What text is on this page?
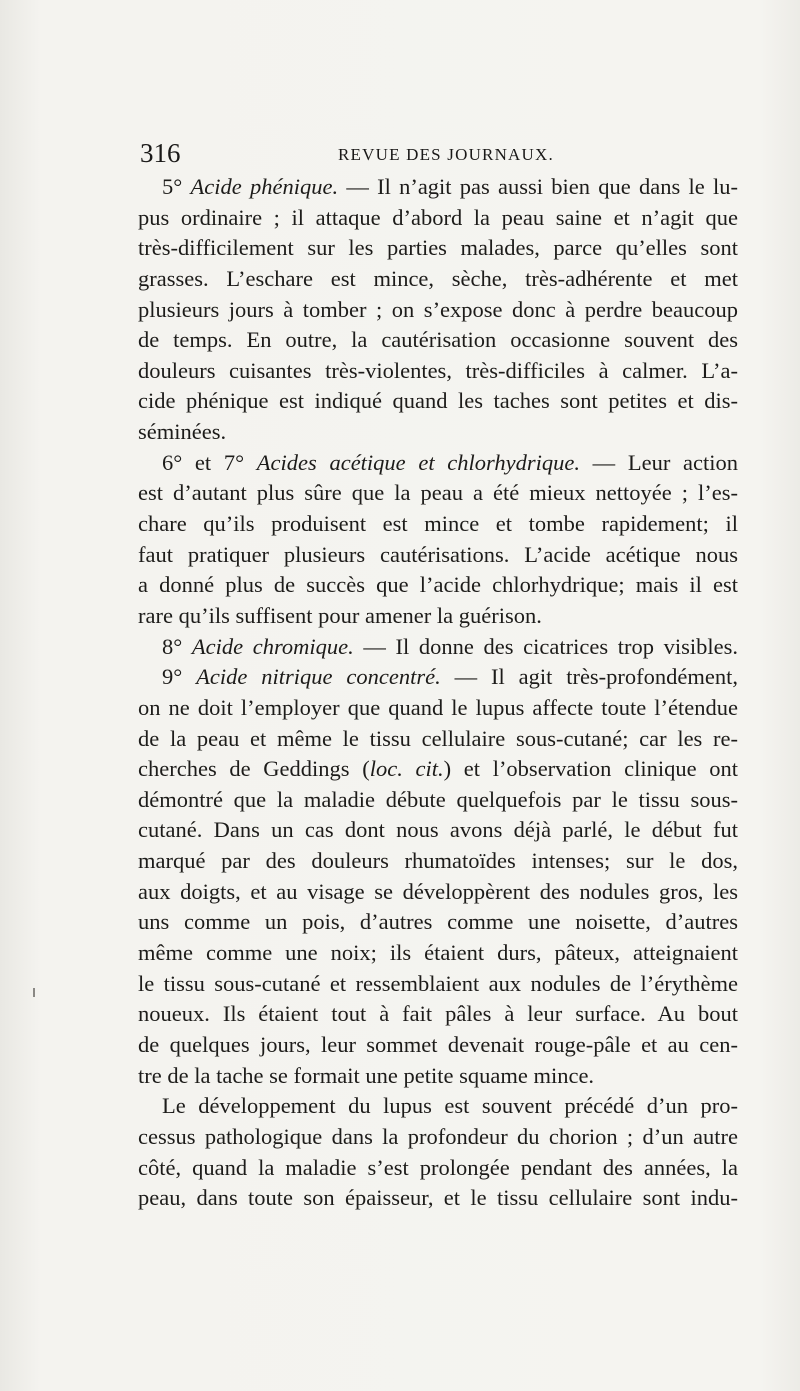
316	REVUE DES JOURNAUX.
5° Acide phénique. — Il n’agit pas aussi bien que dans le lu-
pus ordinaire ; il attaque d’abord la peau saine et n’agit que
très-difficilement sur les parties malades, parce qu’elles sont
grasses. L’eschare est mince, sèche, très-adhérente et met
plusieurs jours à tomber ; on s’expose donc à perdre beaucoup
de temps. En outre, la cautérisation occasionne souvent des
douleurs cuisantes très-violentes, très-difficiles à calmer. L’a-
cide phénique est indiqué quand les taches sont petites et dis-
séminées.
6° et 7° Acides acétique et chlorhydrique. — Leur action
est d’autant plus sûre que la peau a été mieux nettoyée ; l’es-
chare qu’ils produisent est mince et tombe rapidement; il
faut pratiquer plusieurs cautérisations. L’acide acétique nous
a donné plus de succès que l’acide chlorhydrique; mais il est
rare qu’ils suffisent pour amener la guérison.
8° Acide chromique. — Il donne des cicatrices trop visibles.
9° Acide nitrique concentré. — Il agit très-profondément,
on ne doit l’employer que quand le lupus affecte toute l’étendue
de la peau et même le tissu cellulaire sous-cutané; car les re-
cherches de Geddings (loc. cit.) et l’observation clinique ont
démontré que la maladie débute quelquefois par le tissu sous-
cutané. Dans un cas dont nous avons déjà parlé, le début fut
marqué par des douleurs rhumatoïdes intenses; sur le dos,
aux doigts, et au visage se développèrent des nodules gros, les
uns comme un pois, d’autres comme une noisette, d’autres
même comme une noix; ils étaient durs, pâteux, atteignaient
le tissu sous-cutané et ressemblaient aux nodules de l’érythème
noueux. Ils étaient tout à fait pâles à leur surface. Au bout
de quelques jours, leur sommet devenait rouge-pâle et au cen-
tre de la tache se formait une petite squame mince.
Le développement du lupus est souvent précédé d’un pro-
cessus pathologique dans la profondeur du chorion ; d’un autre
côté, quand la maladie s’est prolongée pendant des années, la
peau, dans toute son épaisseur, et le tissu cellulaire sont indu-
